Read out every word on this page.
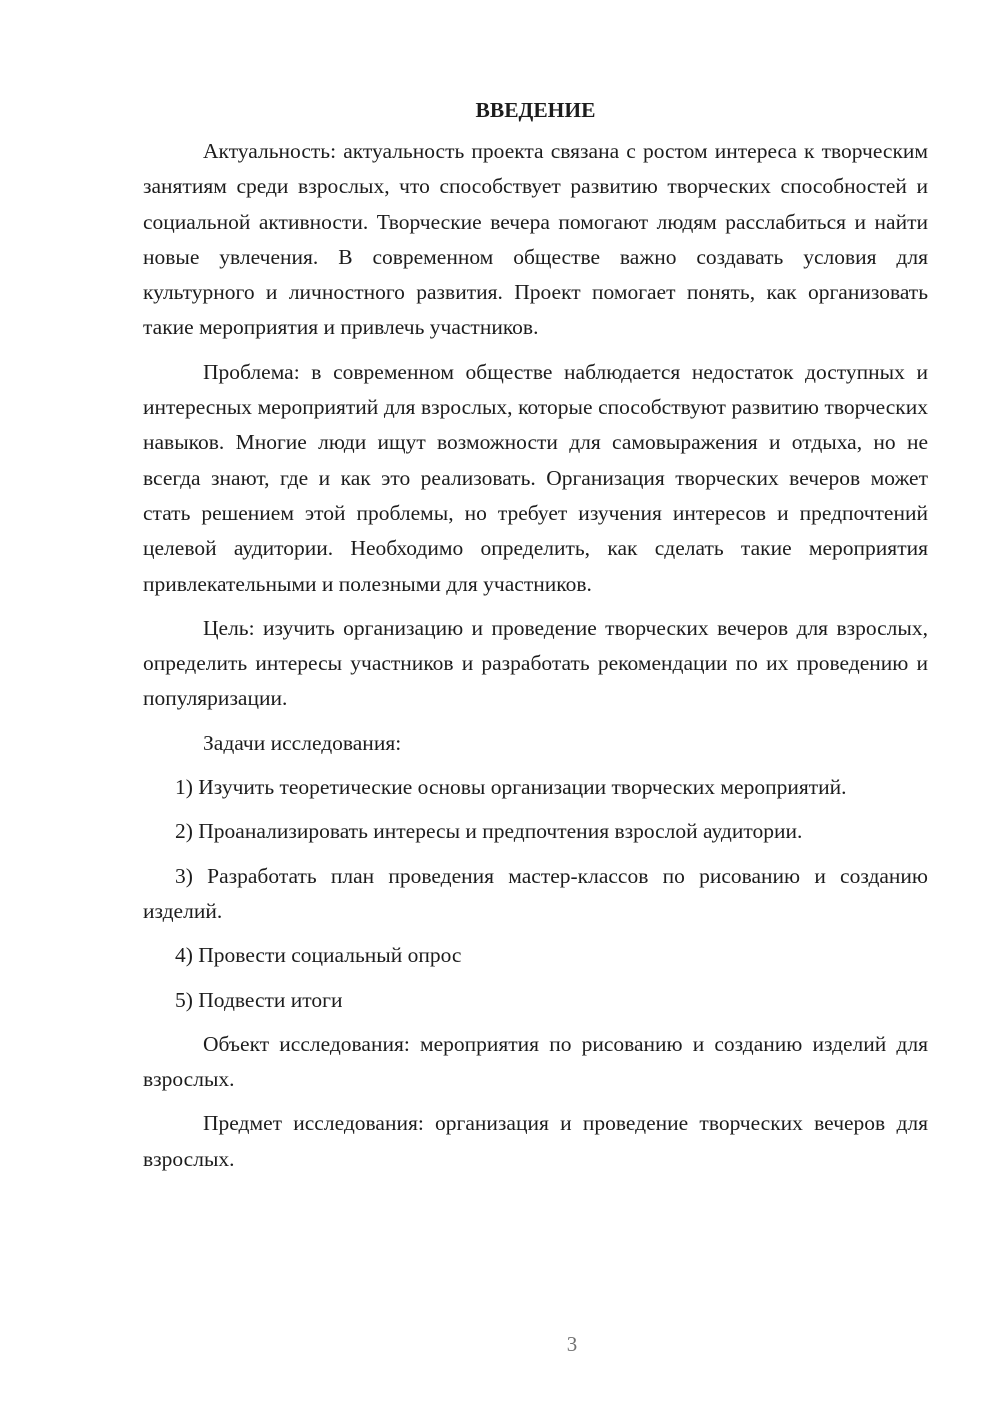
ВВЕДЕНИЕ

Актуальность: актуальность проекта связана с ростом интереса к творческим занятиям среди взрослых, что способствует развитию творческих способностей и социальной активности. Творческие вечера помогают людям расслабиться и найти новые увлечения. В современном обществе важно создавать условия для культурного и личностного развития. Проект помогает понять, как организовать такие мероприятия и привлечь участников.

Проблема: в современном обществе наблюдается недостаток доступных и интересных мероприятий для взрослых, которые способствуют развитию творческих навыков. Многие люди ищут возможности для самовыражения и отдыха, но не всегда знают, где и как это реализовать. Организация творческих вечеров может стать решением этой проблемы, но требует изучения интересов и предпочтений целевой аудитории. Необходимо определить, как сделать такие мероприятия привлекательными и полезными для участников.

Цель: изучить организацию и проведение творческих вечеров для взрослых, определить интересы участников и разработать рекомендации по их проведению и популяризации.

Задачи исследования:

1) Изучить теоретические основы организации творческих мероприятий.

2) Проанализировать интересы и предпочтения взрослой аудитории.

3) Разработать план проведения мастер-классов по рисованию и созданию изделий.

4) Провести социальный опрос

5) Подвести итоги

Объект исследования: мероприятия по рисованию и созданию изделий для взрослых.

Предмет исследования: организация и проведение творческих вечеров для взрослых.

3
